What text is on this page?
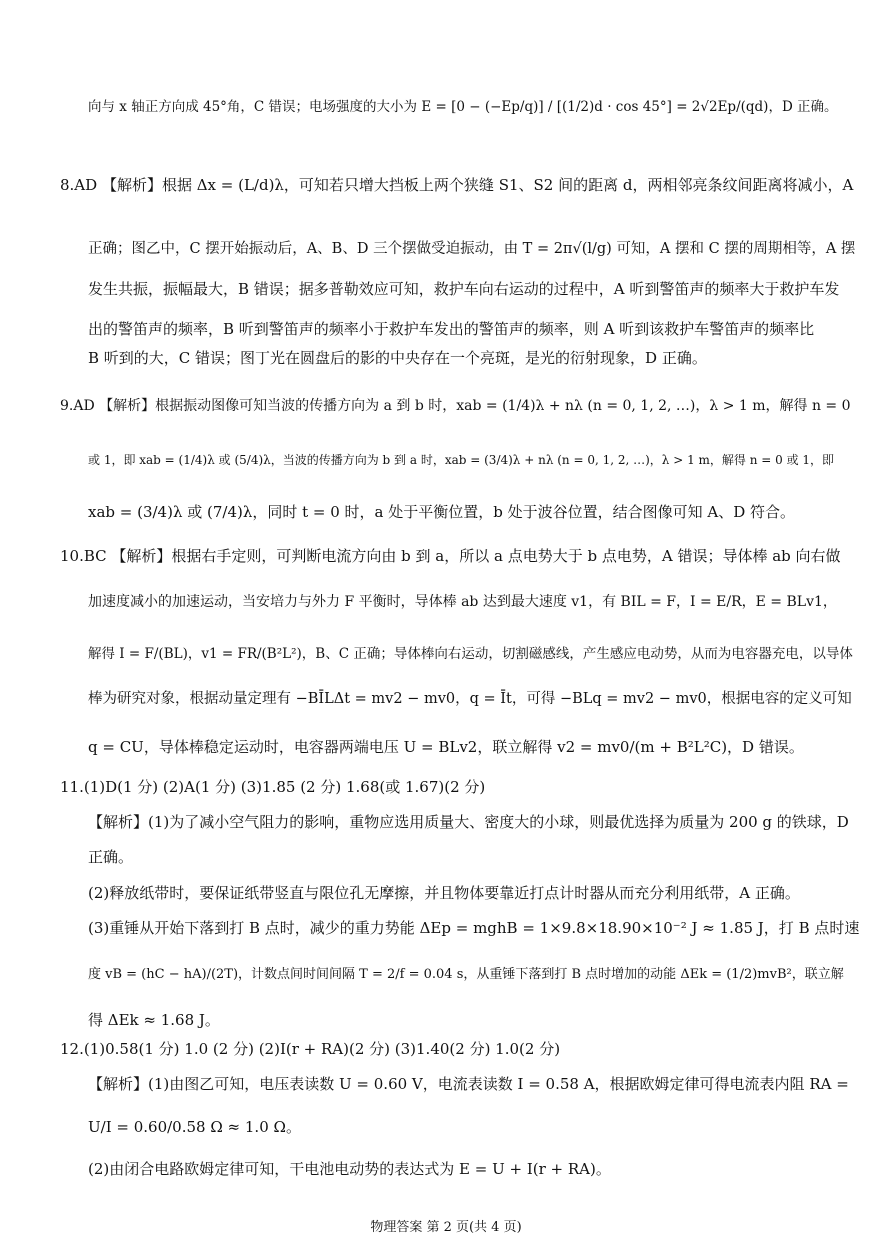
向与 x 轴正方向成 45°角，C 错误；电场强度的大小为 E = [0 − (−Ep/q)] / [(1/2)d · cos 45°] = 2√2Ep/(qd)，D 正确。
8.AD 【解析】根据 Δx = (L/d)λ，可知若只增大挡板上两个狭缝 S1、S2 间的距离 d，两相邻亮条纹间距离将减小，A
正确；图乙中，C 摆开始振动后，A、B、D 三个摆做受迫振动，由 T = 2π√(l/g) 可知，A 摆和 C 摆的周期相等，A 摆
发生共振，振幅最大，B 错误；据多普勒效应可知，救护车向右运动的过程中，A 听到警笛声的频率大于救护车发
出的警笛声的频率，B 听到警笛声的频率小于救护车发出的警笛声的频率，则 A 听到该救护车警笛声的频率比
B 听到的大，C 错误；图丁光在圆盘后的影的中央存在一个亮斑，是光的衍射现象，D 正确。
9.AD 【解析】根据振动图像可知当波的传播方向为 a 到 b 时，xab = (1/4)λ + nλ (n = 0, 1, 2, …)，λ > 1 m，解得 n = 0
或 1，即 xab = (1/4)λ 或 (5/4)λ，当波的传播方向为 b 到 a 时，xab = (3/4)λ + nλ (n = 0, 1, 2, …)，λ > 1 m，解得 n = 0 或 1，即
xab = (3/4)λ 或 (7/4)λ，同时 t = 0 时，a 处于平衡位置，b 处于波谷位置，结合图像可知 A、D 符合。
10.BC 【解析】根据右手定则，可判断电流方向由 b 到 a，所以 a 点电势大于 b 点电势，A 错误；导体棒 ab 向右做
加速度减小的加速运动，当安培力与外力 F 平衡时，导体棒 ab 达到最大速度 v1，有 BIL = F，I = E/R，E = BLv1，
解得 I = F/(BL)，v1 = FR/(B²L²)，B、C 正确；导体棒向右运动，切割磁感线，产生感应电动势，从而为电容器充电，以导体
棒为研究对象，根据动量定理有 −BĪLΔt = mv2 − mv0，q = Īt，可得 −BLq = mv2 − mv0，根据电容的定义可知
q = CU，导体棒稳定运动时，电容器两端电压 U = BLv2，联立解得 v2 = mv0/(m + B²L²C)，D 错误。
11.(1)D(1 分) (2)A(1 分) (3)1.85 (2 分) 1.68(或 1.67)(2 分)
【解析】(1)为了减小空气阻力的影响，重物应选用质量大、密度大的小球，则最优选择为质量为 200 g 的铁球，D
正确。
(2)释放纸带时，要保证纸带竖直与限位孔无摩擦，并且物体要靠近打点计时器从而充分利用纸带，A 正确。
(3)重锤从开始下落到打 B 点时，减少的重力势能 ΔEp = mghB = 1×9.8×18.90×10⁻² J ≈ 1.85 J，打 B 点时速
度 vB = (hC − hA)/(2T)，计数点间时间间隔 T = 2/f = 0.04 s，从重锤下落到打 B 点时增加的动能 ΔEk = (1/2)mvB²，联立解
得 ΔEk ≈ 1.68 J。
12.(1)0.58(1 分) 1.0 (2 分) (2)I(r + RA)(2 分) (3)1.40(2 分) 1.0(2 分)
【解析】(1)由图乙可知，电压表读数 U = 0.60 V，电流表读数 I = 0.58 A，根据欧姆定律可得电流表内阻 RA =
U/I = 0.60/0.58 Ω ≈ 1.0 Ω。
(2)由闭合电路欧姆定律可知，干电池电动势的表达式为 E = U + I(r + RA)。
物理答案 第 2 页(共 4 页)
